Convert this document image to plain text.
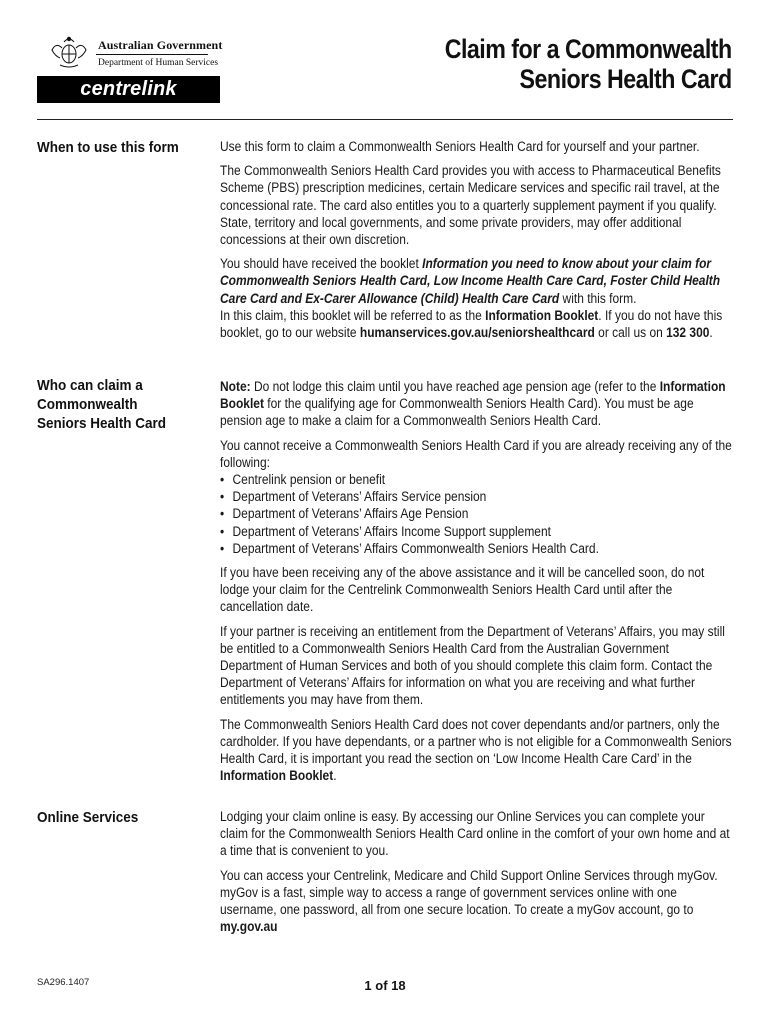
Australian Government
Department of Human Services
centrelink
Claim for a Commonwealth
Seniors Health Card
When to use this form	Use this form to claim a Commonwealth Seniors Health Card for yourself and your partner.

The Commonwealth Seniors Health Card provides you with access to Pharmaceutical Benefits Scheme (PBS) prescription medicines, certain Medicare services and specific rail travel, at the concessional rate. The card also entitles you to a quarterly supplement payment if you qualify. State, territory and local governments, and some private providers, may offer additional concessions at their own discretion.

You should have received the booklet Information you need to know about your claim for Commonwealth Seniors Health Card, Low Income Health Care Card, Foster Child Health Care Card and Ex-Carer Allowance (Child) Health Care Card with this form.
In this claim, this booklet will be referred to as the Information Booklet. If you do not have this booklet, go to our website humanservices.gov.au/seniorshealthcard or call us on 132 300.

Who can claim a Commonwealth Seniors Health Card

Note: Do not lodge this claim until you have reached age pension age (refer to the Information Booklet for the qualifying age for Commonwealth Seniors Health Card). You must be age pension age to make a claim for a Commonwealth Seniors Health Card.

You cannot receive a Commonwealth Seniors Health Card if you are already receiving any of the following:

• Centrelink pension or benefit
• Department of Veterans’ Affairs Service pension
• Department of Veterans’ Affairs Age Pension
• Department of Veterans’ Affairs Income Support supplement
• Department of Veterans’ Affairs Commonwealth Seniors Health Card.

If you have been receiving any of the above assistance and it will be cancelled soon, do not lodge your claim for the Centrelink Commonwealth Seniors Health Card until after the cancellation date.

If your partner is receiving an entitlement from the Department of Veterans’ Affairs, you may still be entitled to a Commonwealth Seniors Health Card from the Australian Government Department of Human Services and both of you should complete this claim form. Contact the Department of Veterans’ Affairs for information on what you are receiving and what further entitlements you may have from them.

The Commonwealth Seniors Health Card does not cover dependants and/or partners, only the cardholder. If you have dependants, or a partner who is not eligible for a Commonwealth Seniors Health Card, it is important you read the section on ‘Low Income Health Care Card’ in the Information Booklet.

Online Services	Lodging your claim online is easy. By accessing our Online Services you can complete your claim for the Commonwealth Seniors Health Card online in the comfort of your own home and at a time that is convenient to you.

You can access your Centrelink, Medicare and Child Support Online Services through myGov. myGov is a fast, simple way to access a range of government services online with one username, one password, all from one secure location. To create a myGov account, go to my.gov.au

SA296.1407	1 of 18
